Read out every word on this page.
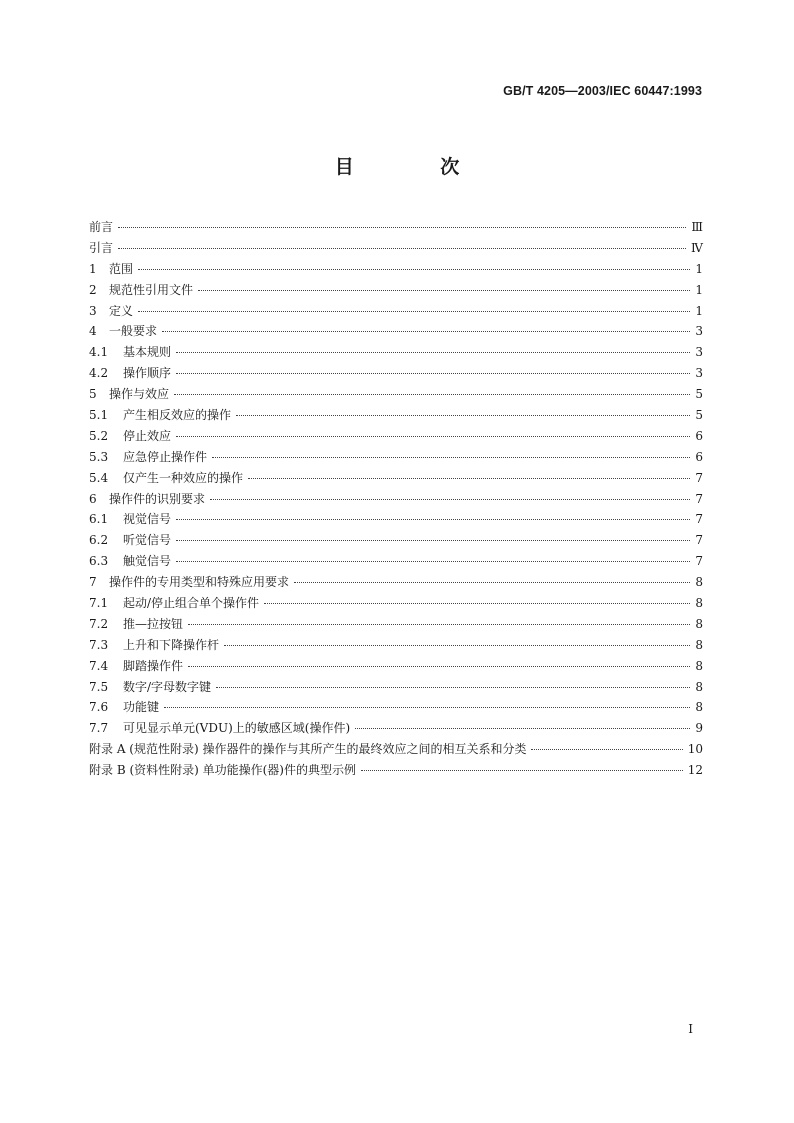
GB/T 4205—2003/IEC 60447:1993
目 次
前言	Ⅲ
引言	Ⅳ
1 范围	1
2 规范性引用文件	1
3 定义	1
4 一般要求	3
4.1 基本规则	3
4.2 操作顺序	3
5 操作与效应	5
5.1 产生相反效应的操作	5
5.2 停止效应	6
5.3 应急停止操作件	6
5.4 仅产生一种效应的操作	7
6 操作件的识别要求	7
6.1 视觉信号	7
6.2 听觉信号	7
6.3 触觉信号	7
7 操作件的专用类型和特殊应用要求	8
7.1 起动/停止组合单个操作件	8
7.2 推—拉按钮	8
7.3 上升和下降操作杆	8
7.4 脚踏操作件	8
7.5 数字/字母数字键	8
7.6 功能键	8
7.7 可见显示单元(VDU)上的敏感区域(操作件)	9
附录 A (规范性附录) 操作器件的操作与其所产生的最终效应之间的相互关系和分类	10
附录 B (资料性附录) 单功能操作(器)件的典型示例	12
I
